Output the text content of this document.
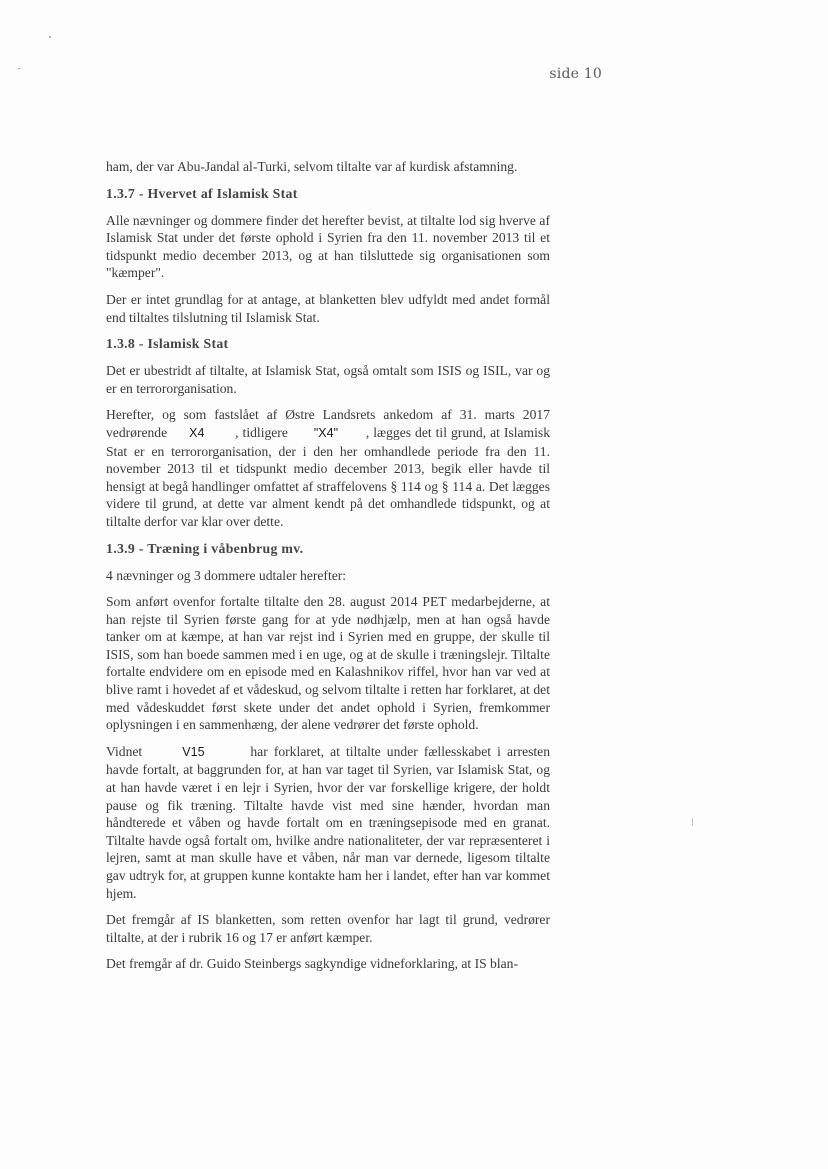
side 10

ham, der var Abu-Jandal al-Turki, selvom tiltalte var af kurdisk afstamning.

1.3.7 - Hvervet af Islamisk Stat

Alle nævninger og dommere finder det herefter bevist, at tiltalte lod sig hverve af Islamisk Stat under det første ophold i Syrien fra den 11. november 2013 til et tidspunkt medio december 2013, og at han tilsluttede sig organisationen som "kæmper".

Der er intet grundlag for at antage, at blanketten blev udfyldt med andet formål end tiltaltes tilslutning til Islamisk Stat.

1.3.8 - Islamisk Stat

Det er ubestridt af tiltalte, at Islamisk Stat, også omtalt som ISIS og ISIL, var og er en terrororganisation.

Herefter, og som fastslået af Østre Landsrets ankedom af 31. marts 2017 vedrørende X4 , tidligere "X4" , lægges det til grund, at Islamisk Stat er en terrororganisation, der i den her omhandlede periode fra den 11. november 2013 til et tidspunkt medio december 2013, begik eller havde til hensigt at begå handlinger omfattet af straffelovens § 114 og § 114 a. Det lægges videre til grund, at dette var alment kendt på det omhandlede tidspunkt, og at tiltalte derfor var klar over dette.

1.3.9 - Træning i våbenbrug mv.

4 nævninger og 3 dommere udtaler herefter:

Som anført ovenfor fortalte tiltalte den 28. august 2014 PET medarbejderne, at han rejste til Syrien første gang for at yde nødhjælp, men at han også havde tanker om at kæmpe, at han var rejst ind i Syrien med en gruppe, der skulle til ISIS, som han boede sammen med i en uge, og at de skulle i træningslejr. Tiltalte fortalte endvidere om en episode med en Kalashnikov riffel, hvor han var ved at blive ramt i hovedet af et vådeskud, og selvom tiltalte i retten har forklaret, at det med vådeskuddet først skete under det andet ophold i Syrien, fremkommer oplysningen i en sammenhæng, der alene vedrører det første ophold.

Vidnet	V15	har forklaret, at tiltalte under fællesskabet i arresten havde fortalt, at baggrunden for, at han var taget til Syrien, var Islamisk Stat, og at han havde været i en lejr i Syrien, hvor der var forskellige krigere, der holdt pause og fik træning. Tiltalte havde vist med sine hænder, hvordan man håndterede et våben og havde fortalt om en træningsepisode med en granat. Tiltalte havde også fortalt om, hvilke andre nationaliteter, der var repræsenteret i lejren, samt at man skulle have et våben, når man var dernede, ligesom tiltalte gav udtryk for, at gruppen kunne kontakte ham her i landet, efter han var kommet hjem.

Det fremgår af IS blanketten, som retten ovenfor har lagt til grund, vedrører tiltalte, at der i rubrik 16 og 17 er anført kæmper.

Det fremgår af dr. Guido Steinbergs sagkyndige vidneforklaring, at IS blan-
